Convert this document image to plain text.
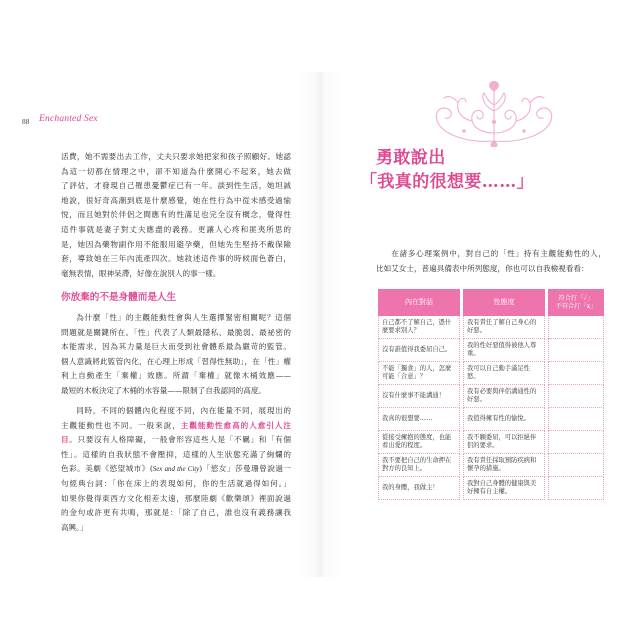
88 Enchanted Sex
活費，她不需要出去工作，丈夫只要求她把家和孩子照顧好。她認
為這一切都在情理之中，卻不知道為什麼開心不起來，她去做
了評估，才發現自己罹患憂鬱症已有一年。談到性生活，她坦誠
地說，很好奇高潮到底是什麼感覺，她在性行為中從未感受過愉
悅，而且她對於伴侶之間應有的性滿足也完全沒有概念，覺得性
這件事就是妻子對丈夫應盡的義務。更讓人心疼和匪夷所思的
是，她因為藥物副作用不能服用避孕藥，但她先生堅持不戴保險
套，導致她在三年內流產四次。她敘述這件事的時候面色蒼白，
毫無表情，眼神呆滯，好像在說別人的事一樣。
你放棄的不是身體而是人生
為什麼「性」的主觀能動性會與人生選擇緊密相關呢？這個
問題就是關鍵所在。「性」代表了人類最隱私、最脆弱、最祕密的
本能需求，因為其力量是巨大而受到社會體系最為嚴苛的監管。
個人意識將此監管內化，在心理上形成「習得性無助」，在「性」權
利上自動產生「棄權」效應。所謂「棄權」就像木桶效應——
最短的木板決定了木桶的水容量——限制了自我認同的高度。
同時，不同的個體內化程度不同，內在能量不同，展現出的
主觀能動性也不同。一般來說，主觀能動性愈高的人愈引人注
目。只要沒有人格障礙，一般會形容這些人是「不羈」和「有個
性」。這樣的自我狀態不會壓抑，這樣的人生狀態充滿了絢爛的
色彩。美劇《慾望城市》(Sex and the City)「慾女」莎曼珊曾說過一
句經典台詞：「你在床上的表現如何，你的生活就過得如何。」
如果你覺得東西方文化相差太遠，那麼陸劇《歡樂頌》裡面說過
的金句或許更有共鳴，那就是：「除了自己，誰也沒有義務讓我
高興。」
勇敢說出
「我真的很想要……」
在諸多心理案例中，對自己的「性」持有主觀能動性的人，
比如艾女士，普遍具備表中所列態度，你也可以自我檢視看看：
內在對話	性態度	符合打「✓」
不符合打「x」

自己都不了解自己，憑什麼要求別人？	我有責任了解自己身心的好惡。	
沒有誰值得我委屈自己。	我的性好惡值得被他人尊重。	
不能「獨食」的人，怎麼可能「合意」？	我可以自己動手滿足性慾。	
沒有什麼事不能溝通！	我有必要與伴侶溝通性的好惡。	
我真的很想要……	我值得擁有性的愉悅。	
從接受擁抱的態度，也能看出愛的程度。	我不願委屈，可以拒絕伴侶的要求。	
我不要把自己的生命押在對方的良知上。	我有責任採取預防疾病和懷孕的措施。	
我的身體，我做主！	我對自己身體的健康與美好擁有自主權。	
